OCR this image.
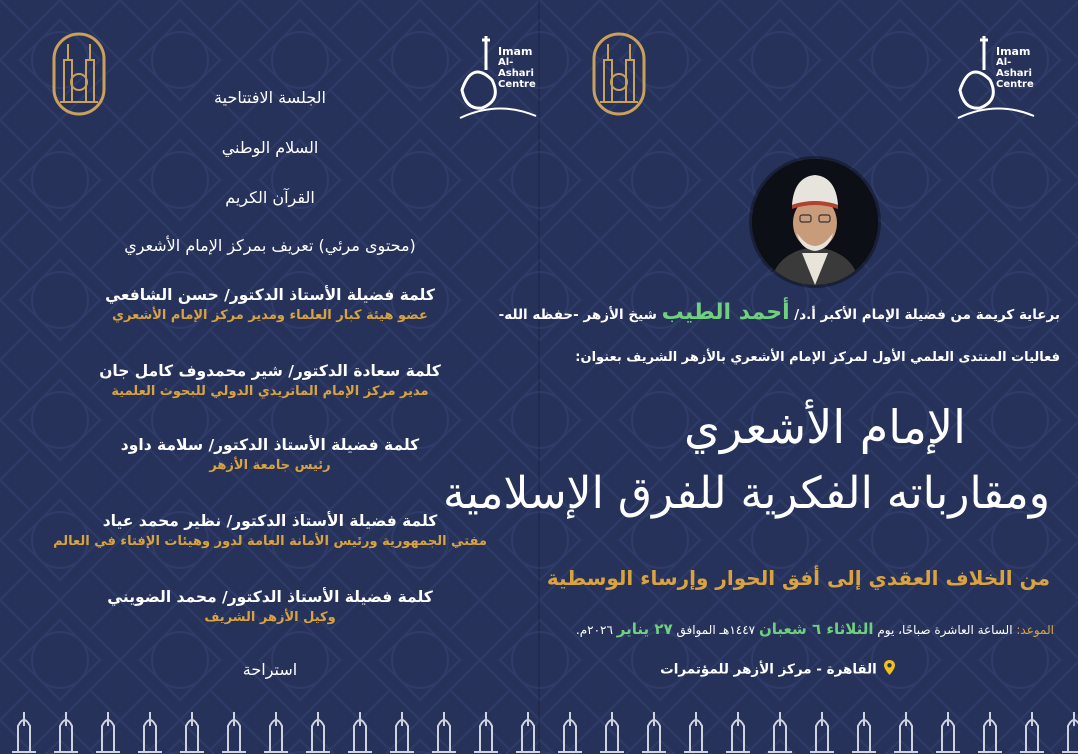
Imam
Al-Ashari
Centre
Imam
Al-Ashari
Centre
الجلسة الافتتاحية
السلام الوطني
القرآن الكريم
(محتوى مرئي) تعريف بمركز الإمام الأشعري
كلمة فضيلة الأستاذ الدكتور/ حسن الشافعي
عضو هيئة كبار العلماء ومدير مركز الإمام الأشعري
كلمة سعادة الدكتور/ شير محمدوف كامل جان
مدير مركز الإمام الماتريدي الدولي للبحوث العلمية
كلمة فضيلة الأستاذ الدكتور/ سلامة داود
رئيس جامعة الأزهر
كلمة فضيلة الأستاذ الدكتور/ نظير محمد عياد
مفتي الجمهورية ورئيس الأمانة العامة لدور وهيئات الإفتاء في العالم
كلمة فضيلة الأستاذ الدكتور/ محمد الضويني
وكيل الأزهر الشريف
استراحة
برعاية كريمة من فضيلة الإمام الأكبر أ.د/ أحمد الطيب شيخ الأزهر -حفظه الله-
فعاليات المنتدى العلمي الأول لمركز الإمام الأشعري بالأزهر الشريف بعنوان:
الإمام الأشعري
ومقارباته الفكرية للفرق الإسلامية
من الخلاف العقدي إلى أفق الحوار وإرساء الوسطية
الموعد: الساعة العاشرة صباحًا، يوم الثلاثاء ٦ شعبان ١٤٤٧هـ الموافق ٢٧ يناير ٢٠٢٦م.
القاهرة - مركز الأزهر للمؤتمرات
